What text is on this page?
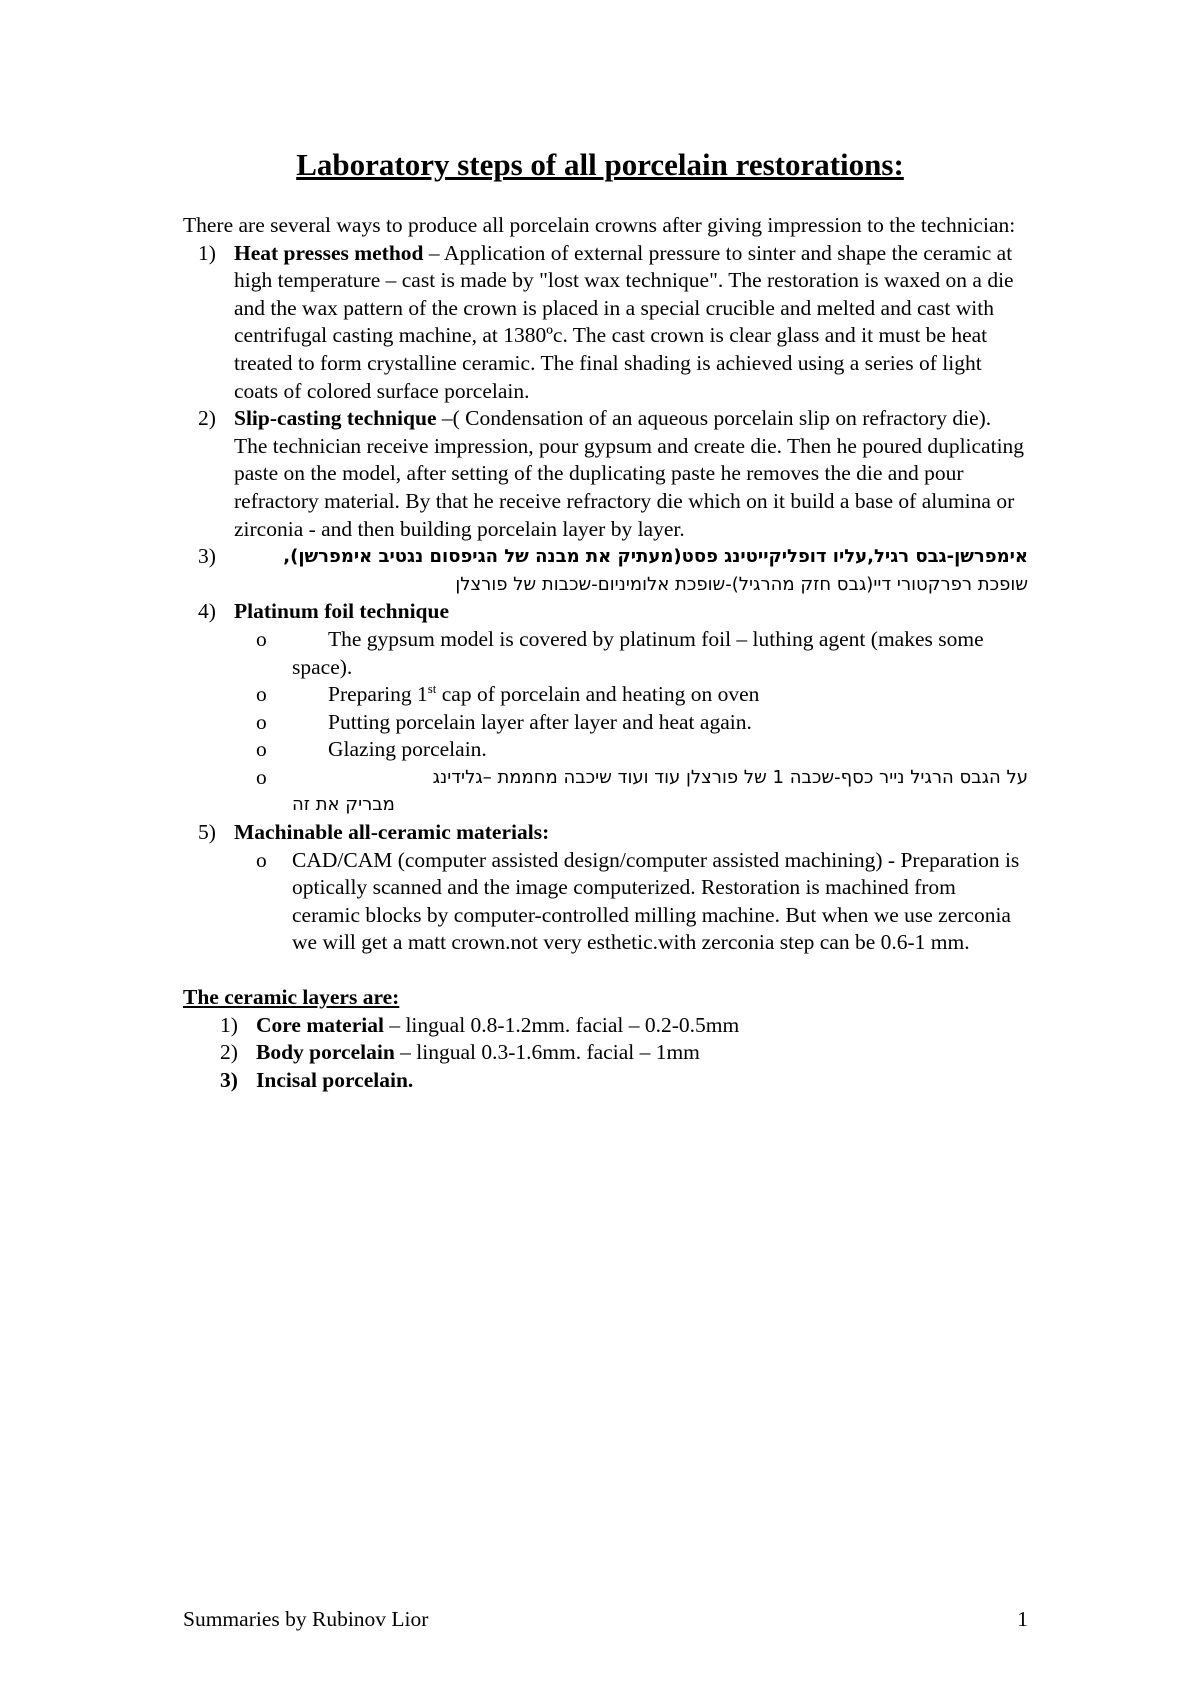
Laboratory steps of all porcelain restorations:

There are several ways to produce all porcelain crowns after giving impression to the technician:

1) Heat presses method – Application of external pressure to sinter and shape the ceramic at high temperature – cast is made by "lost wax technique". The restoration is waxed on a die and the wax pattern of the crown is placed in a special crucible and melted and cast with centrifugal casting machine, at 1380ºc. The cast crown is clear glass and it must be heat treated to form crystalline ceramic. The final shading is achieved using a series of light coats of colored surface porcelain.
2) Slip-casting technique –( Condensation of an aqueous porcelain slip on refractory die). The technician receive impression, pour gypsum and create die. Then he poured duplicating paste on the model, after setting of the duplicating paste he removes the die and pour refractory material. By that he receive refractory die which on it build a base of alumina or zirconia - and then building porcelain layer by layer.
3)	אימפרשן-גבס רגיל,עליו דופליקייטינג פסט(מעתיק את מבנה של הגיפסום נגטיב אימפרשן),
שופכת רפרקטורי דיי(גבס חזק מהרגיל)-שופכת אלומיניום-שכבות של פורצלן
4) Platinum foil technique
o	The gypsum model is covered by platinum foil – luthing agent (makes some space).
o	Preparing 1st cap of porcelain and heating on oven
o	Putting porcelain layer after layer and heat again.
o	Glazing porcelain.
o	על הגבס הרגיל נייר כסף-שכבה 1 של פורצלן עוד ועוד שיכבה מחממת –גלידינג
מבריק את זה
5) Machinable all-ceramic materials:
o CAD/CAM (computer assisted design/computer assisted machining) - Preparation is optically scanned and the image computerized. Restoration is machined from ceramic blocks by computer-controlled milling machine. But when we use zerconia we will get a matt crown.not very esthetic.with zerconia step can be 0.6-1 mm.

The ceramic layers are:

1) Core material – lingual 0.8-1.2mm. facial – 0.2-0.5mm
2) Body porcelain – lingual 0.3-1.6mm. facial – 1mm
3) Incisal porcelain.
Summaries by Rubinov Lior	1
